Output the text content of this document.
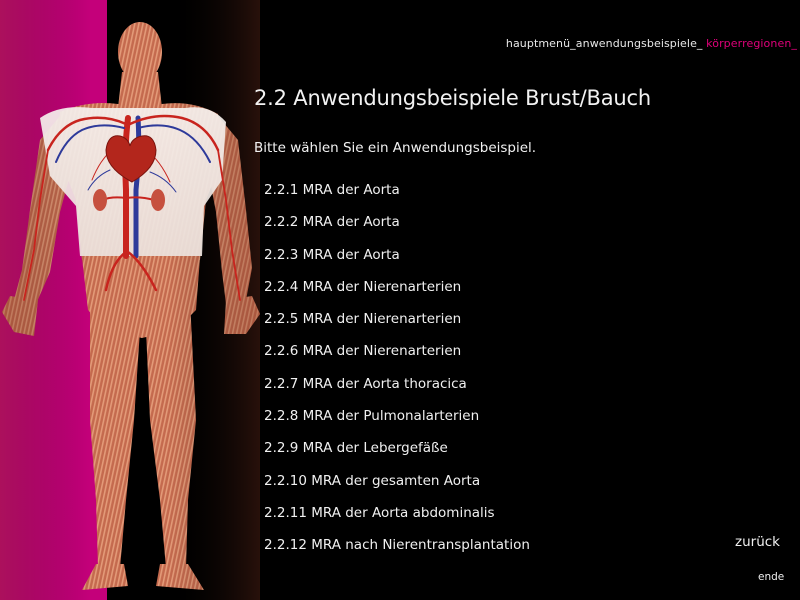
hauptmenü_anwendungsbeispiele_ körperregionen_
2.2 Anwendungsbeispiele Brust/Bauch
Bitte wählen Sie ein Anwendungsbeispiel.
2.2.1 MRA der Aorta
2.2.2 MRA der Aorta
2.2.3 MRA der Aorta
2.2.4 MRA der Nierenarterien
2.2.5 MRA der Nierenarterien
2.2.6 MRA der Nierenarterien
2.2.7 MRA der Aorta thoracica
2.2.8 MRA der Pulmonalarterien
2.2.9 MRA der Lebergefäße
2.2.10 MRA der gesamten Aorta
2.2.11 MRA der Aorta abdominalis
2.2.12 MRA nach Nierentransplantation	zurück
ende
